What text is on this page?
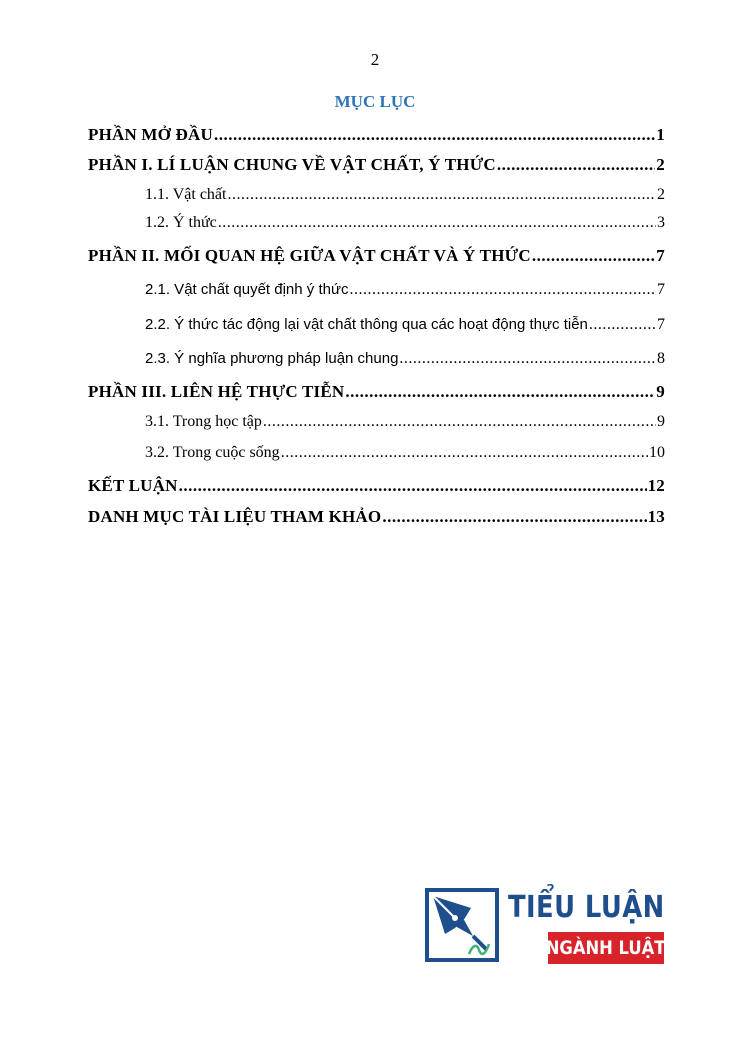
2
MỤC LỤC
PHẦN MỞ ĐẦU .....	1
PHẦN I. LÍ LUẬN CHUNG VỀ VẬT CHẤT, Ý THỨC .....	2
1.1. Vật chất .....	2
1.2. Ý thức .....	3
PHẦN II. MỐI QUAN HỆ GIỮA VẬT CHẤT VÀ Ý THỨC .....	7
2.1. Vật chất quyết định ý thức .....	7
2.2. Ý thức tác động lại vật chất thông qua các hoạt động thực tiễn .....	7
2.3. Ý nghĩa phương pháp luận chung .....	8
PHẦN III. LIÊN HỆ THỰC TIỄN .....	9
3.1. Trong học tập .....	9
3.2. Trong cuộc sống .....	10
KẾT LUẬN .....	12
DANH MỤC TÀI LIỆU THAM KHẢO .....	13
TIỂU LUẬN
NGÀNH LUẬT
